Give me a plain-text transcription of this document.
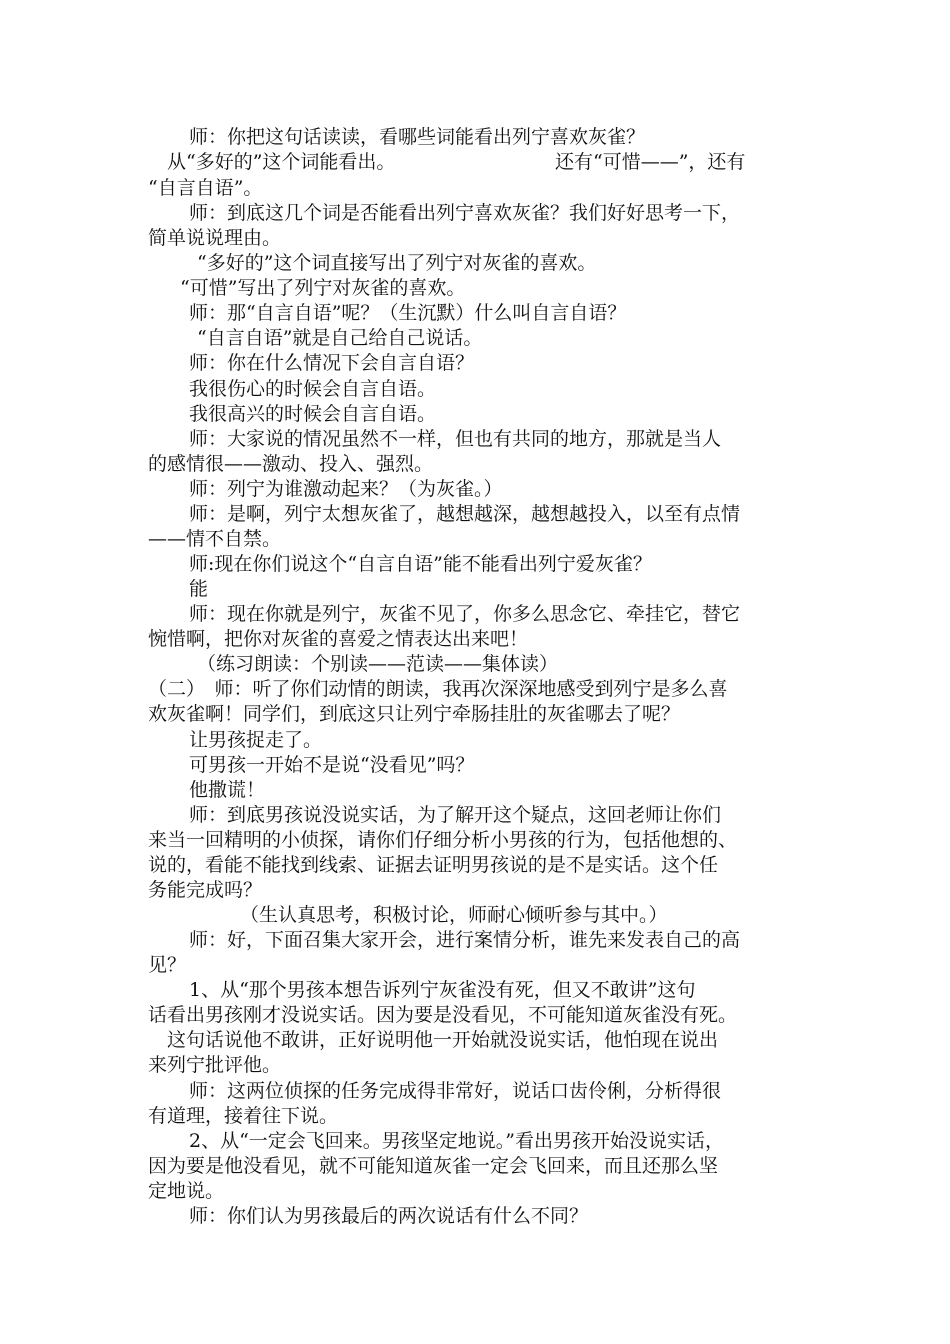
师：你把这句话读读，看哪些词能看出列宁喜欢灰雀？
从“多好的”这个词能看出。	还有“可惜——”，还有
“自言自语”。
师：到底这几个词是否能看出列宁喜欢灰雀？我们好好思考一下，
简单说说理由。
“多好的”这个词直接写出了列宁对灰雀的喜欢。
“可惜”写出了列宁对灰雀的喜欢。
师：那“自言自语”呢？（生沉默）什么叫自言自语？
“自言自语”就是自己给自己说话。
师：你在什么情况下会自言自语？
我很伤心的时候会自言自语。
我很高兴的时候会自言自语。
师：大家说的情况虽然不一样，但也有共同的地方，那就是当人
的感情很——激动、投入、强烈。
师：列宁为谁激动起来？（为灰雀。）
师：是啊，列宁太想灰雀了，越想越深，越想越投入，以至有点情
——情不自禁。
师:现在你们说这个“自言自语”能不能看出列宁爱灰雀？
能
师：现在你就是列宁，灰雀不见了，你多么思念它、牵挂它，替它
惋惜啊，把你对灰雀的喜爱之情表达出来吧！
（练习朗读：个别读——范读——集体读）
（二）　师：听了你们动情的朗读，我再次深深地感受到列宁是多么喜
欢灰雀啊！同学们，到底这只让列宁牵肠挂肚的灰雀哪去了呢？
让男孩捉走了。
可男孩一开始不是说“没看见”吗？
他撒谎！
师：到底男孩说没说实话，为了解开这个疑点，这回老师让你们
来当一回精明的小侦探，请你们仔细分析小男孩的行为，包括他想的、
说的，看能不能找到线索、证据去证明男孩说的是不是实话。这个任
务能完成吗？
（生认真思考，积极讨论，师耐心倾听参与其中。）
师：好，下面召集大家开会，进行案情分析，谁先来发表自己的高
见？
1、从“那个男孩本想告诉列宁灰雀没有死，但又不敢讲”这句
话看出男孩刚才没说实话。因为要是没看见，不可能知道灰雀没有死。
这句话说他不敢讲，正好说明他一开始就没说实话，他怕现在说出
来列宁批评他。
师：这两位侦探的任务完成得非常好，说话口齿伶俐，分析得很
有道理，接着往下说。
2、从“一定会飞回来。男孩坚定地说。”看出男孩开始没说实话，
因为要是他没看见，就不可能知道灰雀一定会飞回来，而且还那么坚
定地说。
师：你们认为男孩最后的两次说话有什么不同？
